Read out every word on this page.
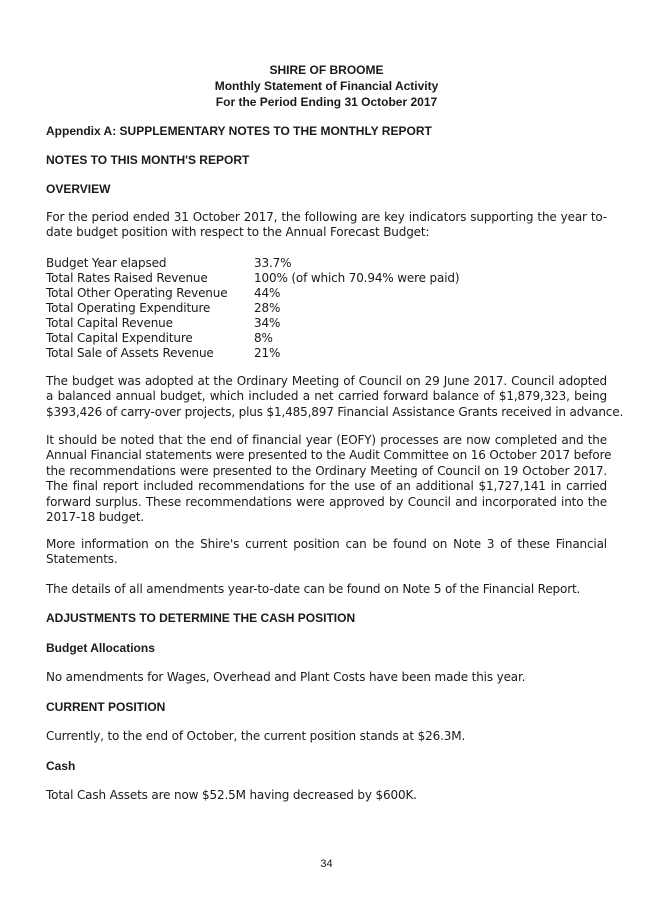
SHIRE OF BROOME
Monthly Statement of Financial Activity
For the Period Ending 31 October 2017
Appendix A: SUPPLEMENTARY NOTES TO THE MONTHLY REPORT
NOTES TO THIS MONTH'S REPORT
OVERVIEW
For the period ended 31 October 2017, the following are key indicators supporting the year to-
date budget position with respect to the Annual Forecast Budget:
Budget Year elapsed	33.7%
Total Rates Raised Revenue	100% (of which 70.94% were paid)
Total Other Operating Revenue 44%
Total Operating Expenditure	28%
Total Capital Revenue	34%
Total Capital Expenditure	8%
Total Sale of Assets Revenue	21%
The budget was adopted at the Ordinary Meeting of Council on 29 June 2017. Council adopted
a balanced annual budget, which included a net carried forward balance of $1,879,323, being
$393,426 of carry-over projects, plus $1,485,897 Financial Assistance Grants received in advance.
It should be noted that the end of financial year (EOFY) processes are now completed and the
Annual Financial statements were presented to the Audit Committee on 16 October 2017 before
the recommendations were presented to the Ordinary Meeting of Council on 19 October 2017.
The final report included recommendations for the use of an additional $1,727,141 in carried
forward surplus. These recommendations were approved by Council and incorporated into the
2017-18 budget.
More information on the Shire's current position can be found on Note 3 of these Financial
Statements.
The details of all amendments year-to-date can be found on Note 5 of the Financial Report.
ADJUSTMENTS TO DETERMINE THE CASH POSITION
Budget Allocations
No amendments for Wages, Overhead and Plant Costs have been made this year.
CURRENT POSITION
Currently, to the end of October, the current position stands at $26.3M.
Cash
Total Cash Assets are now $52.5M having decreased by $600K.
34
